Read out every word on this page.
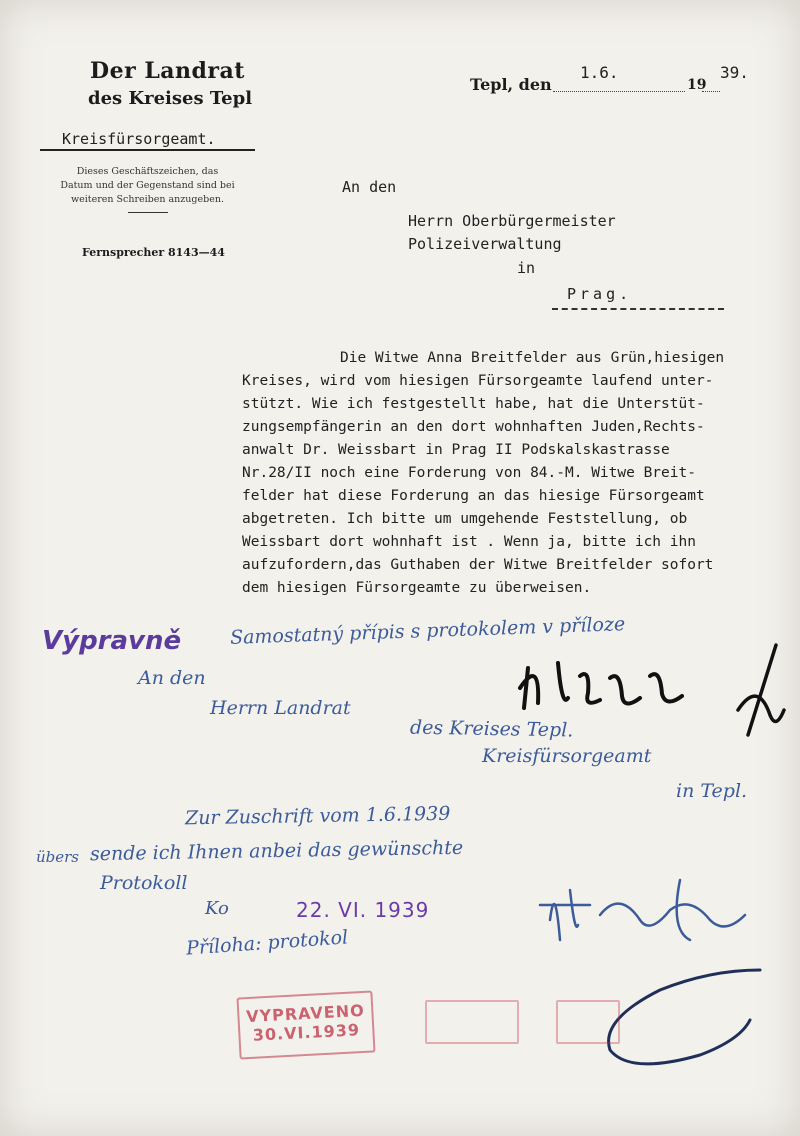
Der Landrat
des Kreises Tepl
Kreisfürsorgeamt.
Dieses Geschäftszeichen, das Datum und der Gegenstand sind bei weiteren Schreiben anzugeben.
Fernsprecher 8143—44
Tepl, den
1.6.
19
39.
An den
Herrn Oberbürgermeister
Polizeiverwaltung
in
Prag.
Die Witwe Anna Breitfelder aus Grün,hiesigen
Kreises, wird vom hiesigen Fürsorgeamte laufend unter-
stützt. Wie ich festgestellt habe, hat die Unterstüt-
zungsempfängerin an den dort wohnhaften Juden,Rechts-
anwalt Dr. Weissbart in Prag II Podskalskastrasse
Nr.28/II noch eine Forderung von 84.-M. Witwe Breit-
felder hat diese Forderung an das hiesige Fürsorgeamt
abgetreten. Ich bitte um umgehende Feststellung, ob
Weissbart dort wohnhaft ist . Wenn ja, bitte ich ihn
aufzufordern,das Guthaben der Witwe Breitfelder sofort
dem hiesigen Fürsorgeamte zu überweisen.
Výpravně	Samostatný přípis s protokolem v příloze
An den
Herrn Landrat
des Kreises Tepl.
Kreisfürsorgeamt
in Tepl.
Zur Zuschrift vom 1.6.1939
übers sende ich Ihnen anbei das gewünschte
Protokoll
Ko	22. VI. 1939
Příloha: protokol
VYPRAVENO
30.VI.1939
